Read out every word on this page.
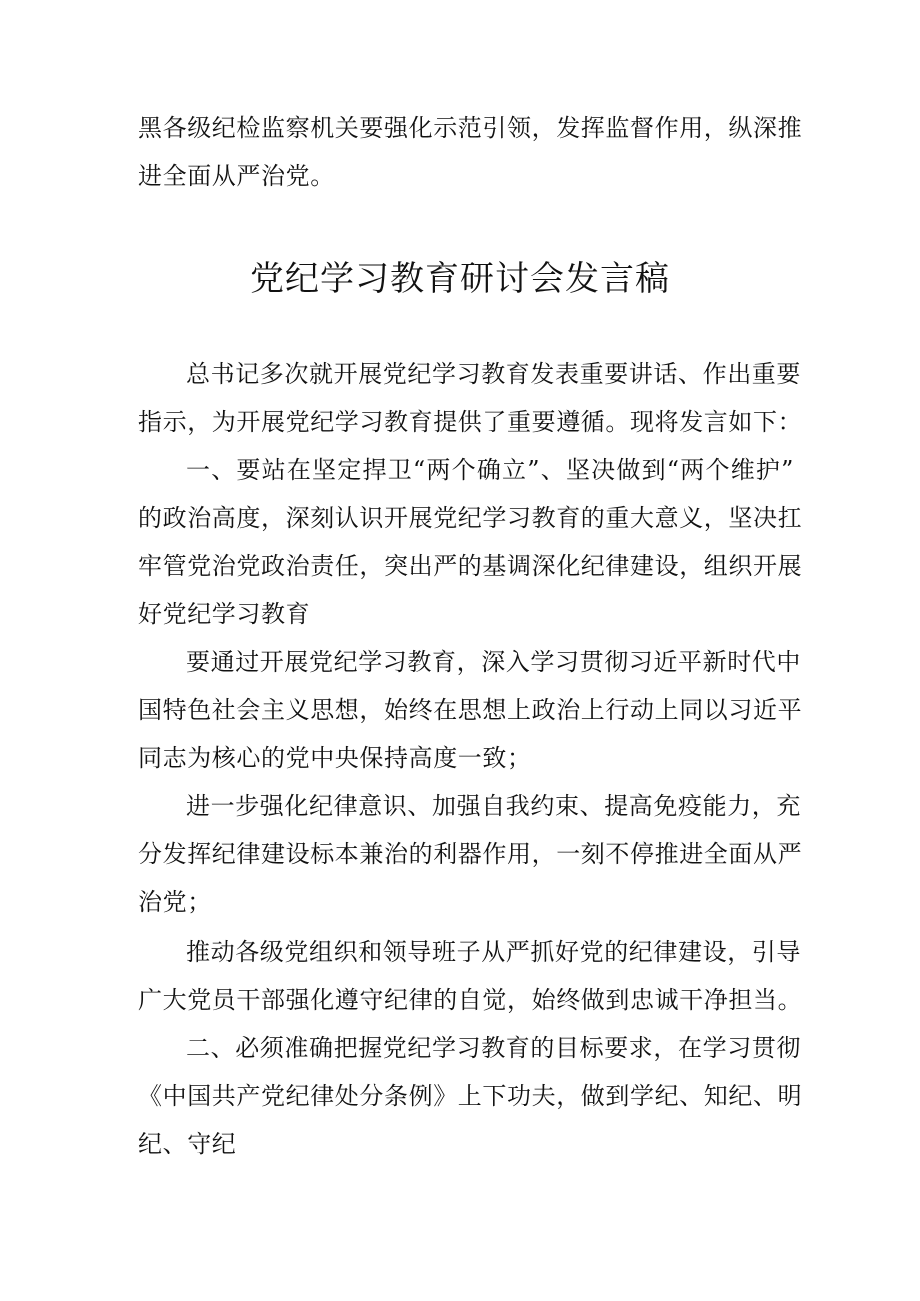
黑各级纪检监察机关要强化示范引领，发挥监督作用，纵深推
进全面从严治党。
党纪学习教育研讨会发言稿
总书记多次就开展党纪学习教育发表重要讲话、作出重要
指示，为开展党纪学习教育提供了重要遵循。现将发言如下：
一、要站在坚定捍卫“两个确立”、坚决做到“两个维护”
的政治高度，深刻认识开展党纪学习教育的重大意义，坚决扛
牢管党治党政治责任，突出严的基调深化纪律建设，组织开展
好党纪学习教育
要通过开展党纪学习教育，深入学习贯彻习近平新时代中
国特色社会主义思想，始终在思想上政治上行动上同以习近平
同志为核心的党中央保持高度一致；
进一步强化纪律意识、加强自我约束、提高免疫能力，充
分发挥纪律建设标本兼治的利器作用，一刻不停推进全面从严
治党；
推动各级党组织和领导班子从严抓好党的纪律建设，引导
广大党员干部强化遵守纪律的自觉，始终做到忠诚干净担当。
二、必须准确把握党纪学习教育的目标要求，在学习贯彻
《中国共产党纪律处分条例》上下功夫，做到学纪、知纪、明
纪、守纪
